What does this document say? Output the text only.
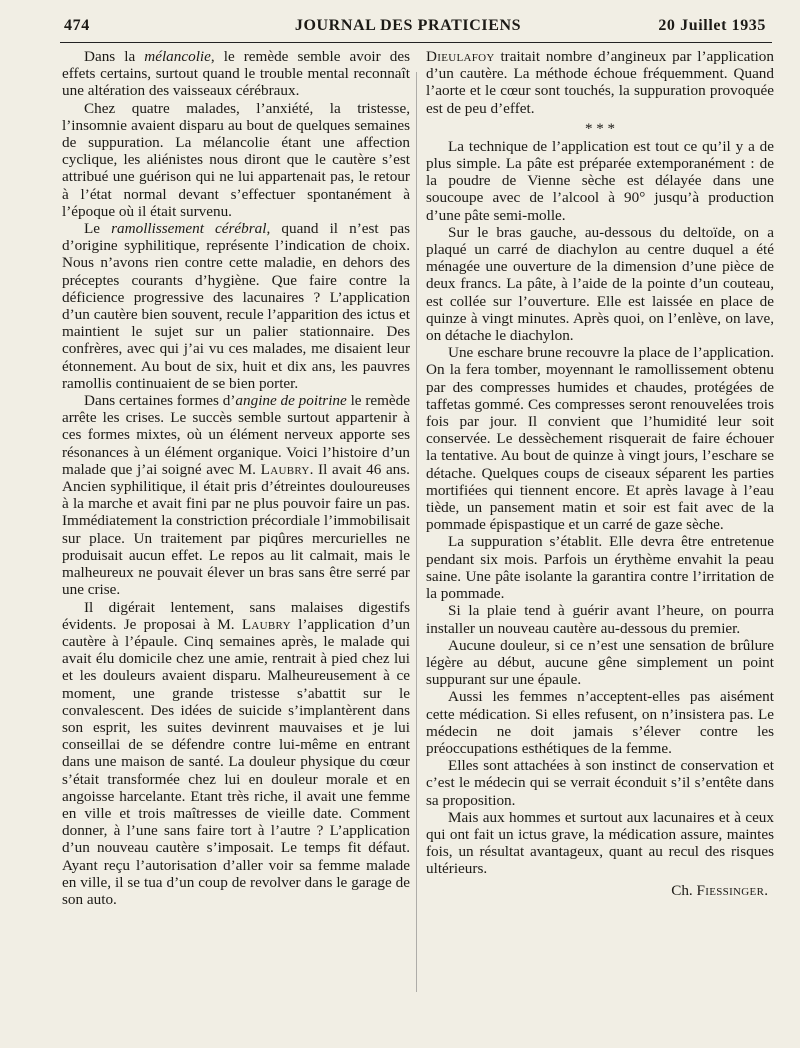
474	JOURNAL DES PRATICIENS	20 Juillet 1935

Dans la mélancolie, le remède semble avoir des effets certains, surtout quand le trouble mental reconnaît une altération des vaisseaux cérébraux.

Chez quatre malades, l’anxiété, la tristesse, l’insomnie avaient disparu au bout de quelques semaines de suppuration. La mélancolie étant une affection cyclique, les aliénistes nous diront que le cautère s’est attribué une guérison qui ne lui appartenait pas, le retour à l’état normal devant s’effectuer spontanément à l’époque où il était survenu.

Le ramollissement cérébral, quand il n’est pas d’origine syphilitique, représente l’indication de choix. Nous n’avons rien contre cette maladie, en dehors des préceptes courants d’hygiène. Que faire contre la déficience progressive des lacunaires ? L’application d’un cautère bien souvent, recule l’apparition des ictus et maintient le sujet sur un palier stationnaire. Des confrères, avec qui j’ai vu ces malades, me disaient leur étonnement. Au bout de six, huit et dix ans, les pauvres ramollis continuaient de se bien porter.

Dans certaines formes d’angine de poitrine le remède arrête les crises. Le succès semble surtout appartenir à ces formes mixtes, où un élément nerveux apporte ses résonances à un élément organique. Voici l’histoire d’un malade que j’ai soigné avec M. Laubry. Il avait 46 ans. Ancien syphilitique, il était pris d’étreintes douloureuses à la marche et avait fini par ne plus pouvoir faire un pas. Immédiatement la constriction précordiale l’immobilisait sur place. Un traitement par piqûres mercurielles ne produisait aucun effet. Le repos au lit calmait, mais le malheureux ne pouvait élever un bras sans être serré par une crise.

Il digérait lentement, sans malaises digestifs évidents. Je proposai à M. Laubry l’application d’un cautère à l’épaule. Cinq semaines après, le malade qui avait élu domicile chez une amie, rentrait à pied chez lui et les douleurs avaient disparu. Malheureusement à ce moment, une grande tristesse s’abattit sur le convalescent. Des idées de suicide s’implantèrent dans son esprit, les suites devinrent mauvaises et je lui conseillai de se défendre contre lui-même en entrant dans une maison de santé. La douleur physique du cœur s’était transformée chez lui en douleur morale et en angoisse harcelante. Etant très riche, il avait une femme en ville et trois maîtresses de vieille date. Comment donner, à l’une sans faire tort à l’autre ? L’application d’un nouveau cautère s’imposait. Le temps fit défaut. Ayant reçu l’autorisation d’aller voir sa femme malade en ville, il se tua d’un coup de revolver dans le garage de son auto.

Dieulafoy traitait nombre d’angineux par l’application d’un cautère. La méthode échoue fréquemment. Quand l’aorte et le cœur sont touchés, la suppuration provoquée est de peu d’effet.

* * *

La technique de l’application est tout ce qu’il y a de plus simple. La pâte est préparée extemporanément : de la poudre de Vienne sèche est délayée dans une soucoupe avec de l’alcool à 90° jusqu’à production d’une pâte semi-molle.

Sur le bras gauche, au-dessous du deltoïde, on a plaqué un carré de diachylon au centre duquel a été ménagée une ouverture de la dimension d’une pièce de deux francs. La pâte, à l’aide de la pointe d’un couteau, est collée sur l’ouverture. Elle est laissée en place de quinze à vingt minutes. Après quoi, on l’enlève, on lave, on détache le diachylon.

Une eschare brune recouvre la place de l’application. On la fera tomber, moyennant le ramollissement obtenu par des compresses humides et chaudes, protégées de taffetas gommé. Ces compresses seront renouvelées trois fois par jour. Il convient que l’humidité leur soit conservée. Le dessèchement risquerait de faire échouer la tentative. Au bout de quinze à vingt jours, l’eschare se détache. Quelques coups de ciseaux séparent les parties mortifiées qui tiennent encore. Et après lavage à l’eau tiède, un pansement matin et soir est fait avec de la pommade épispastique et un carré de gaze sèche.

La suppuration s’établit. Elle devra être entretenue pendant six mois. Parfois un érythème envahit la peau saine. Une pâte isolante la garantira contre l’irritation de la pommade.

Si la plaie tend à guérir avant l’heure, on pourra installer un nouveau cautère au-dessous du premier.

Aucune douleur, si ce n’est une sensation de brûlure légère au début, aucune gêne simplement un point suppurant sur une épaule.

Aussi les femmes n’acceptent-elles pas aisément cette médication. Si elles refusent, on n’insistera pas. Le médecin ne doit jamais s’élever contre les préoccupations esthétiques de la femme.

Elles sont attachées à son instinct de conservation et c’est le médecin qui se verrait éconduit s’il s’entête dans sa proposition.

Mais aux hommes et surtout aux lacunaires et à ceux qui ont fait un ictus grave, la médication assure, maintes fois, un résultat avantageux, quant au recul des risques ultérieurs.

Ch. Fiessinger.
